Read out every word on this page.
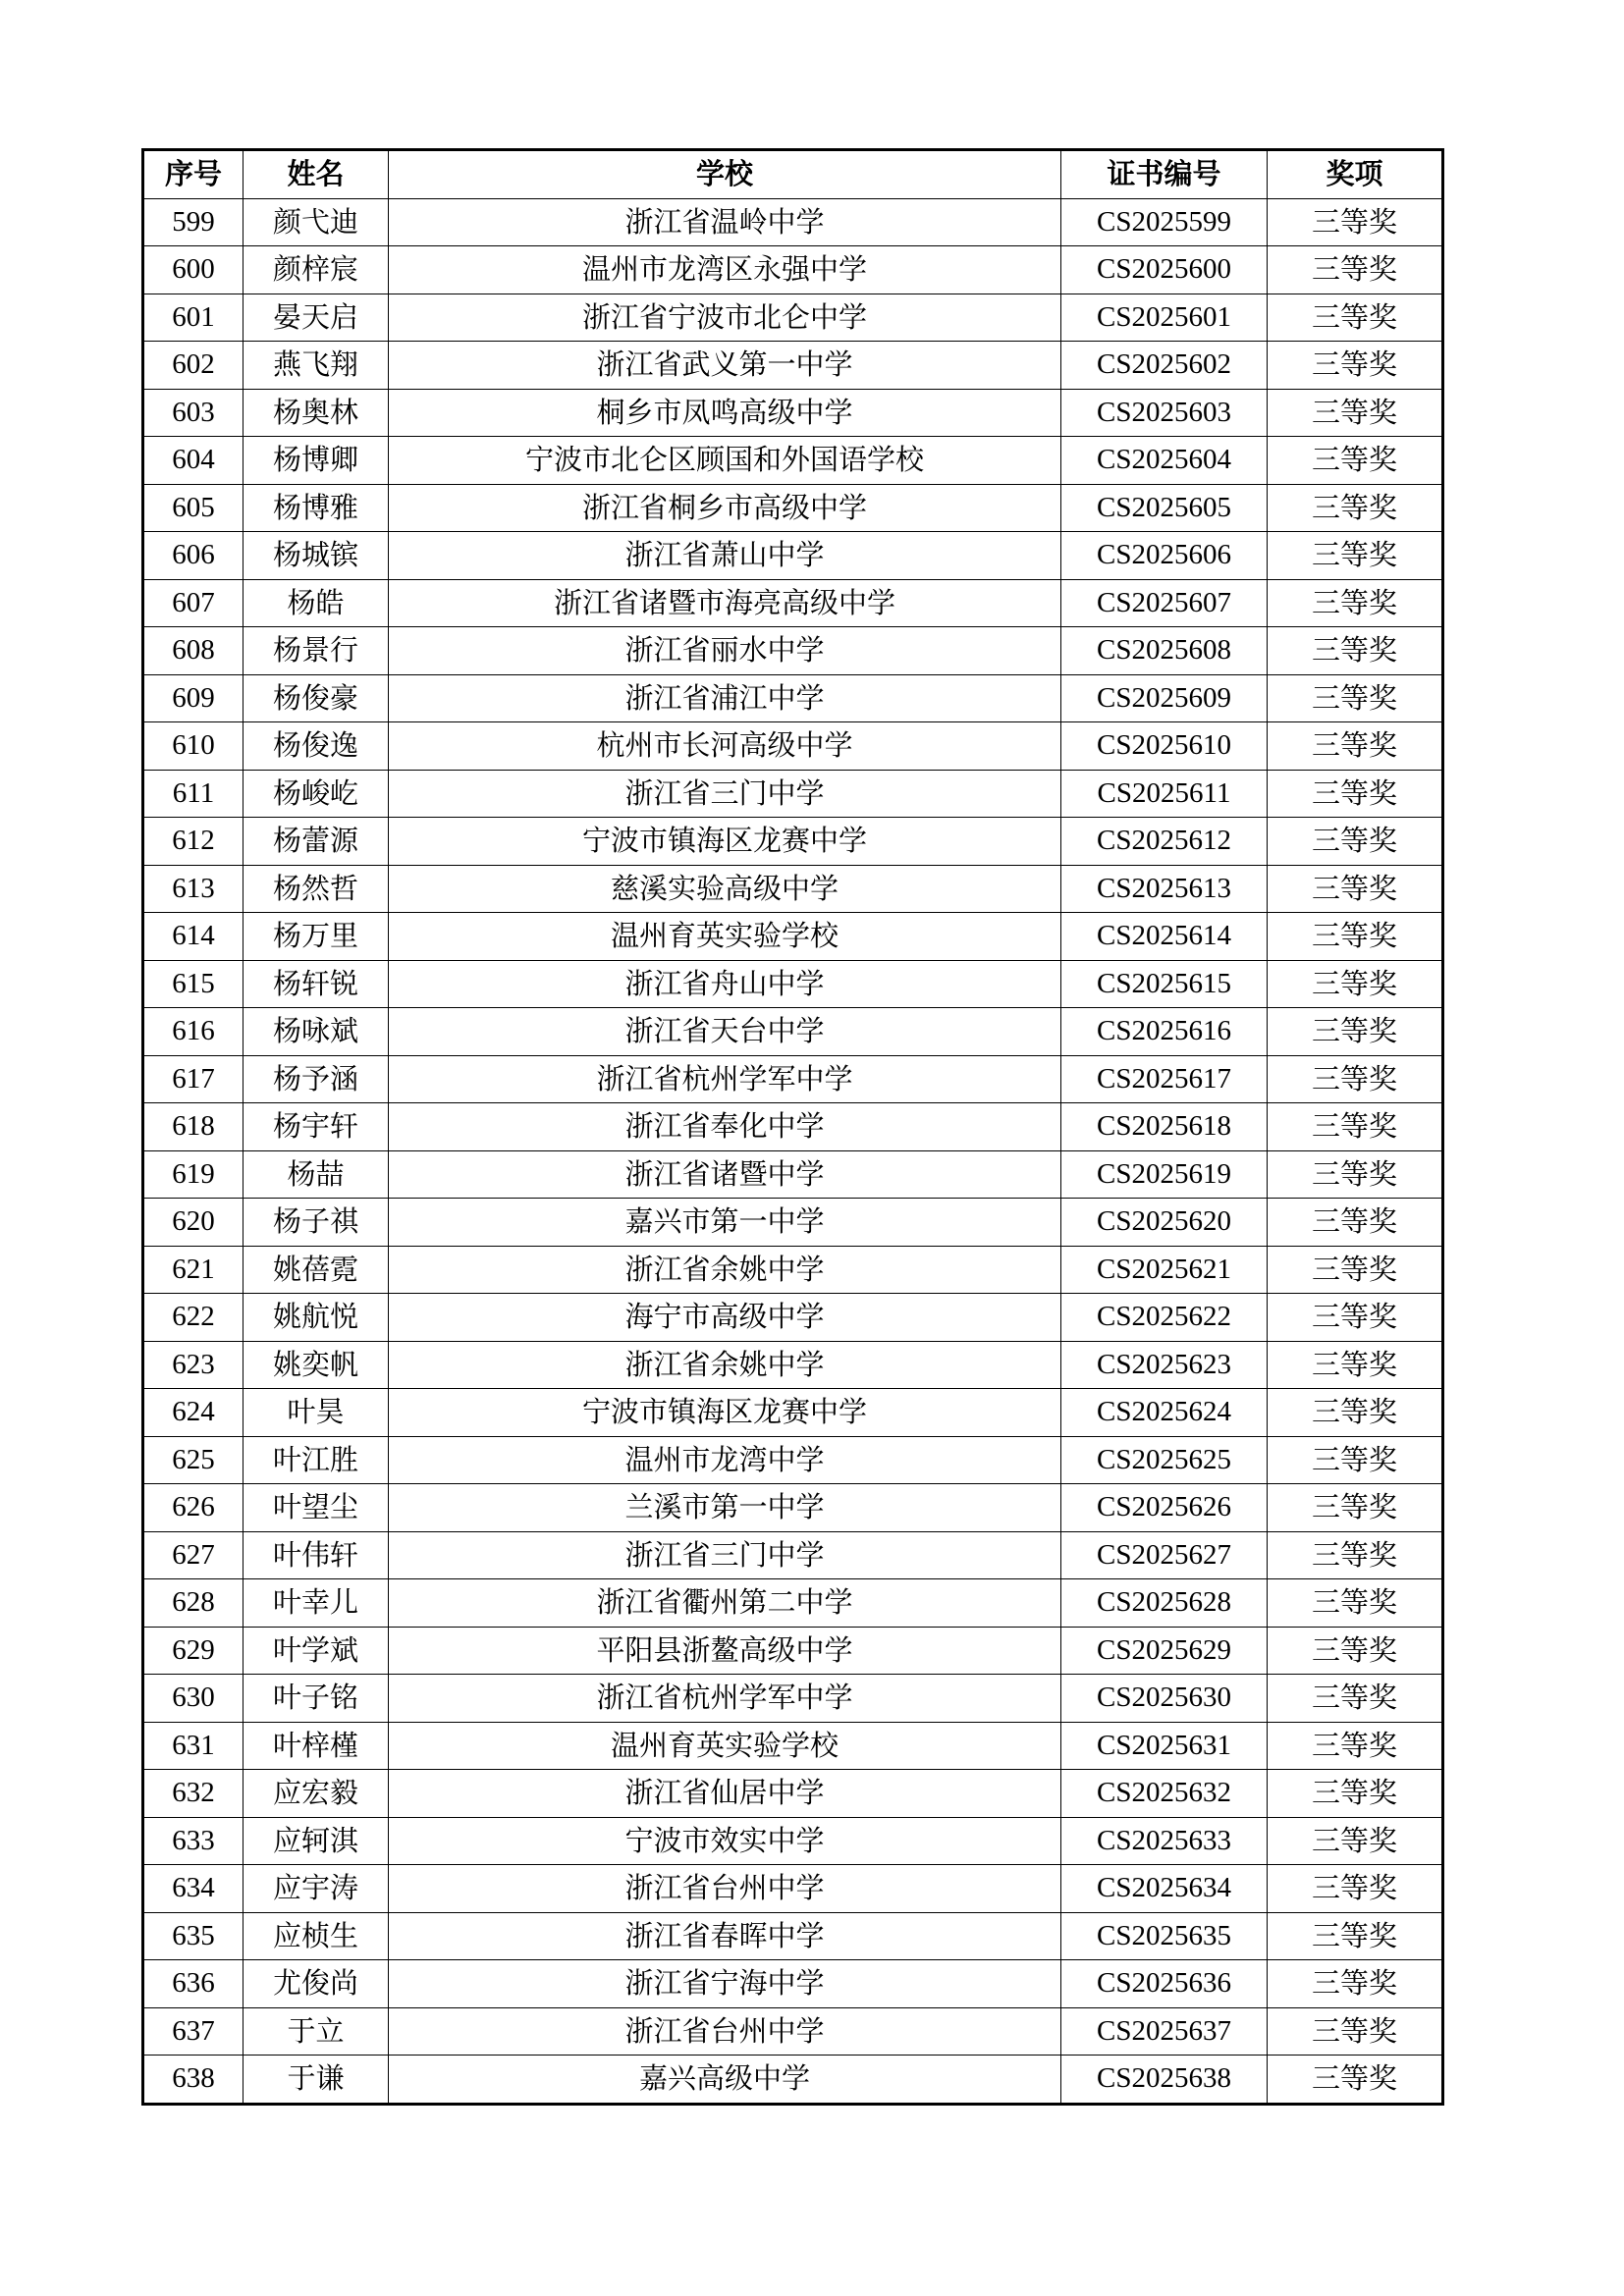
序号	姓名	学校	证书编号	奖项
599	颜弋迪	浙江省温岭中学	CS2025599	三等奖
600	颜梓宸	温州市龙湾区永强中学	CS2025600	三等奖
601	晏天启	浙江省宁波市北仑中学	CS2025601	三等奖
602	燕飞翔	浙江省武义第一中学	CS2025602	三等奖
603	杨奥林	桐乡市凤鸣高级中学	CS2025603	三等奖
604	杨博卿	宁波市北仑区顾国和外国语学校	CS2025604	三等奖
605	杨博雅	浙江省桐乡市高级中学	CS2025605	三等奖
606	杨城镔	浙江省萧山中学	CS2025606	三等奖
607	杨皓	浙江省诸暨市海亮高级中学	CS2025607	三等奖
608	杨景行	浙江省丽水中学	CS2025608	三等奖
609	杨俊豪	浙江省浦江中学	CS2025609	三等奖
610	杨俊逸	杭州市长河高级中学	CS2025610	三等奖
611	杨峻屹	浙江省三门中学	CS2025611	三等奖
612	杨蕾源	宁波市镇海区龙赛中学	CS2025612	三等奖
613	杨然哲	慈溪实验高级中学	CS2025613	三等奖
614	杨万里	温州育英实验学校	CS2025614	三等奖
615	杨轩锐	浙江省舟山中学	CS2025615	三等奖
616	杨咏斌	浙江省天台中学	CS2025616	三等奖
617	杨予涵	浙江省杭州学军中学	CS2025617	三等奖
618	杨宇轩	浙江省奉化中学	CS2025618	三等奖
619	杨喆	浙江省诸暨中学	CS2025619	三等奖
620	杨子祺	嘉兴市第一中学	CS2025620	三等奖
621	姚蓓霓	浙江省余姚中学	CS2025621	三等奖
622	姚航悦	海宁市高级中学	CS2025622	三等奖
623	姚奕帆	浙江省余姚中学	CS2025623	三等奖
624	叶昊	宁波市镇海区龙赛中学	CS2025624	三等奖
625	叶江胜	温州市龙湾中学	CS2025625	三等奖
626	叶望尘	兰溪市第一中学	CS2025626	三等奖
627	叶伟轩	浙江省三门中学	CS2025627	三等奖
628	叶幸儿	浙江省衢州第二中学	CS2025628	三等奖
629	叶学斌	平阳县浙鳌高级中学	CS2025629	三等奖
630	叶子铭	浙江省杭州学军中学	CS2025630	三等奖
631	叶梓槿	温州育英实验学校	CS2025631	三等奖
632	应宏毅	浙江省仙居中学	CS2025632	三等奖
633	应轲淇	宁波市效实中学	CS2025633	三等奖
634	应宇涛	浙江省台州中学	CS2025634	三等奖
635	应桢生	浙江省春晖中学	CS2025635	三等奖
636	尤俊尚	浙江省宁海中学	CS2025636	三等奖
637	于立	浙江省台州中学	CS2025637	三等奖
638	于谦	嘉兴高级中学	CS2025638	三等奖
